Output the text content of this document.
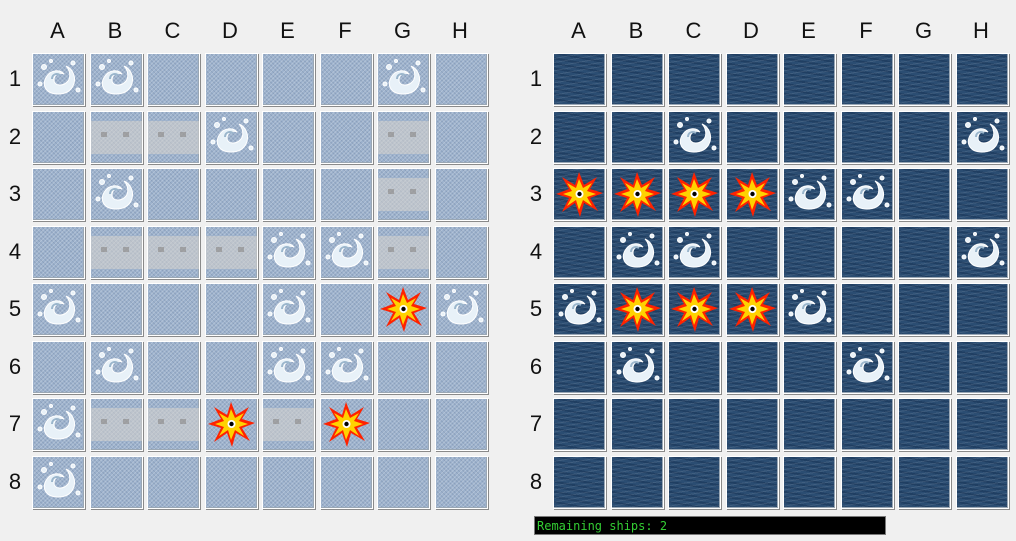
A	B	C	D	E	F	G	H
1
2
3
4
5
6
7
8
A	B	C	D	E	F	G	H
1
2
3
4
5
6
7
8
Remaining ships: 2
